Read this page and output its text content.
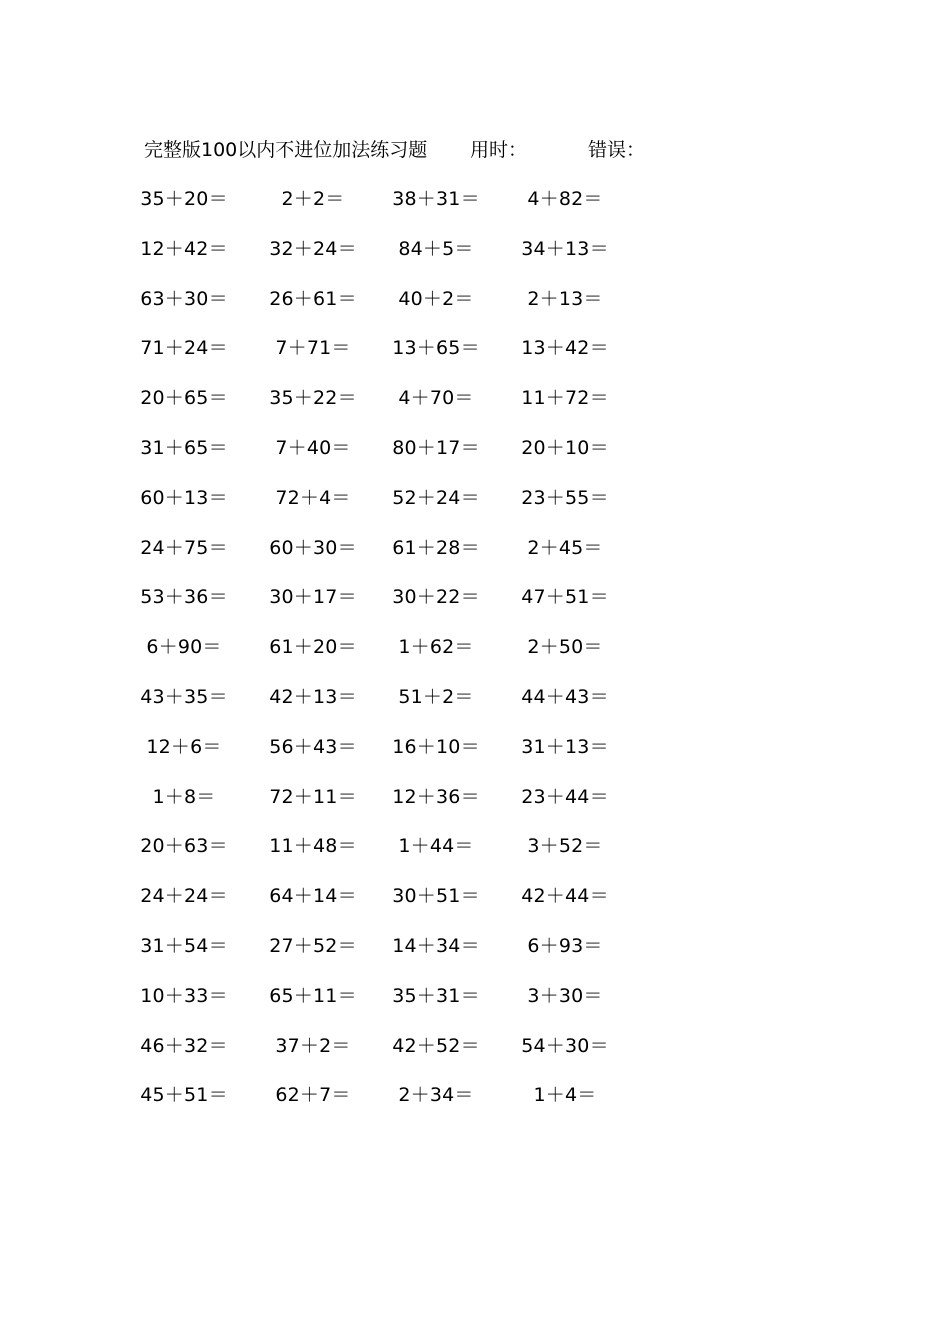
完整版100以内不进位加法练习题 用时：	错误：
35＋20＝	2＋2＝	38＋31＝	4＋82＝
12＋42＝	32＋24＝	84＋5＝	34＋13＝
63＋30＝	26＋61＝	40＋2＝	2＋13＝
71＋24＝	7＋71＝	13＋65＝	13＋42＝
20＋65＝	35＋22＝	4＋70＝	11＋72＝
31＋65＝	7＋40＝	80＋17＝	20＋10＝
60＋13＝	72＋4＝	52＋24＝	23＋55＝
24＋75＝	60＋30＝	61＋28＝	2＋45＝
53＋36＝	30＋17＝	30＋22＝	47＋51＝
6＋90＝	61＋20＝	1＋62＝	2＋50＝
43＋35＝	42＋13＝	51＋2＝	44＋43＝
12＋6＝	56＋43＝	16＋10＝	31＋13＝
1＋8＝	72＋11＝	12＋36＝	23＋44＝
20＋63＝	11＋48＝	1＋44＝	3＋52＝
24＋24＝	64＋14＝	30＋51＝	42＋44＝
31＋54＝	27＋52＝	14＋34＝	6＋93＝
10＋33＝	65＋11＝	35＋31＝	3＋30＝
46＋32＝	37＋2＝	42＋52＝	54＋30＝
45＋51＝	62＋7＝	2＋34＝	1＋4＝
